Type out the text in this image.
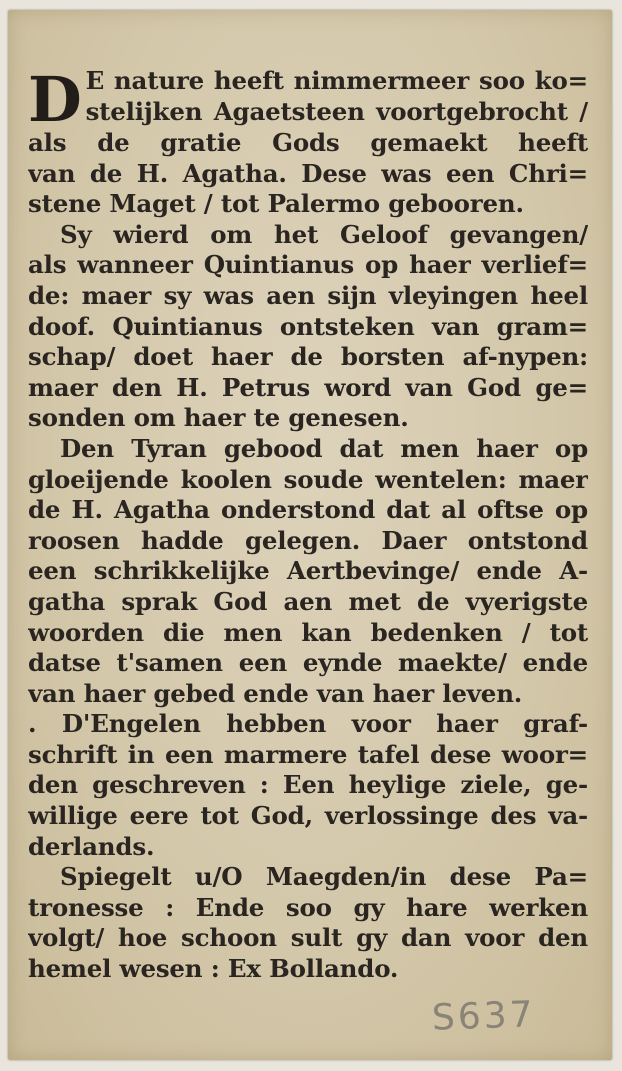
D E nature heeft nimmermeer soo ko=
stelijken Agaetsteen voortgebrocht /
als de gratie Gods gemaekt heeft
van de H. Agatha. Dese was een Chri=
stene Maget / tot Palermo gebooren.
Sy wierd om het Geloof gevangen/
als wanneer Quintianus op haer verlief=
de: maer sy was aen sijn vleyingen heel
doof. Quintianus ontsteken van gram=
schap/ doet haer de borsten af-nypen:
maer den H. Petrus word van God ge=
sonden om haer te genesen.
Den Tyran gebood dat men haer op
gloeijende koolen soude wentelen: maer
de H. Agatha onderstond dat al oftse op
roosen hadde gelegen. Daer ontstond
een schrikkelijke Aertbevinge/ ende A-
gatha sprak God aen met de vyerigste
woorden die men kan bedenken / tot
datse t'samen een eynde maekte/ ende
van haer gebed ende van haer leven.
. D'Engelen hebben voor haer graf-
schrift in een marmere tafel dese woor=
den geschreven : Een heylige ziele, ge-
willige eere tot God, verlossinge des va-
derlands.
Spiegelt u/O Maegden/in dese Pa=
tronesse : Ende soo gy hare werken
volgt/ hoe schoon sult gy dan voor den
hemel wesen : Ex Bollando.
S637
